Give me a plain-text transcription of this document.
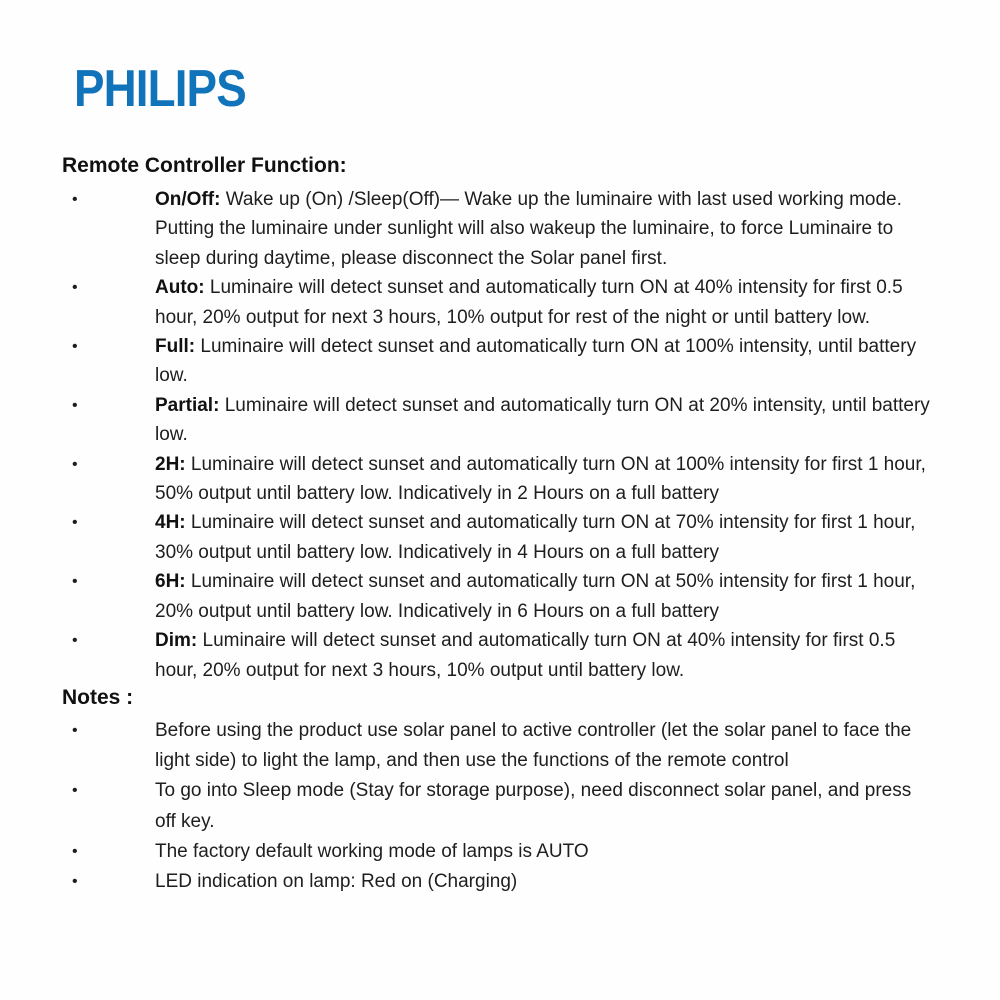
PHILIPS
Remote Controller Function:
•	On/Off: Wake up (On) /Sleep(Off)— Wake up the luminaire with last used working mode. Putting the luminaire under sunlight will also wakeup the luminaire, to force Luminaire to sleep during daytime, please disconnect the Solar panel first.
•	Auto: Luminaire will detect sunset and automatically turn ON at 40% intensity for first 0.5 hour, 20% output for next 3 hours, 10% output for rest of the night or until battery low.
•	Full: Luminaire will detect sunset and automatically turn ON at 100% intensity, until battery low.
•	Partial: Luminaire will detect sunset and automatically turn ON at 20% intensity, until battery low.
•	2H: Luminaire will detect sunset and automatically turn ON at 100% intensity for first 1 hour, 50% output until battery low. Indicatively in 2 Hours on a full battery
•	4H: Luminaire will detect sunset and automatically turn ON at 70% intensity for first 1 hour, 30% output until battery low. Indicatively in 4 Hours on a full battery
•	6H: Luminaire will detect sunset and automatically turn ON at 50% intensity for first 1 hour, 20% output until battery low. Indicatively in 6 Hours on a full battery
•	Dim: Luminaire will detect sunset and automatically turn ON at 40% intensity for first 0.5 hour, 20% output for next 3 hours, 10% output until battery low.
Notes :
•	Before using the product use solar panel to active controller (let the solar panel to face the light side) to light the lamp, and then use the functions of the remote control
•	To go into Sleep mode (Stay for storage purpose), need disconnect solar panel, and press off key.
•	The factory default working mode of lamps is AUTO
•	LED indication on lamp: Red on (Charging)
